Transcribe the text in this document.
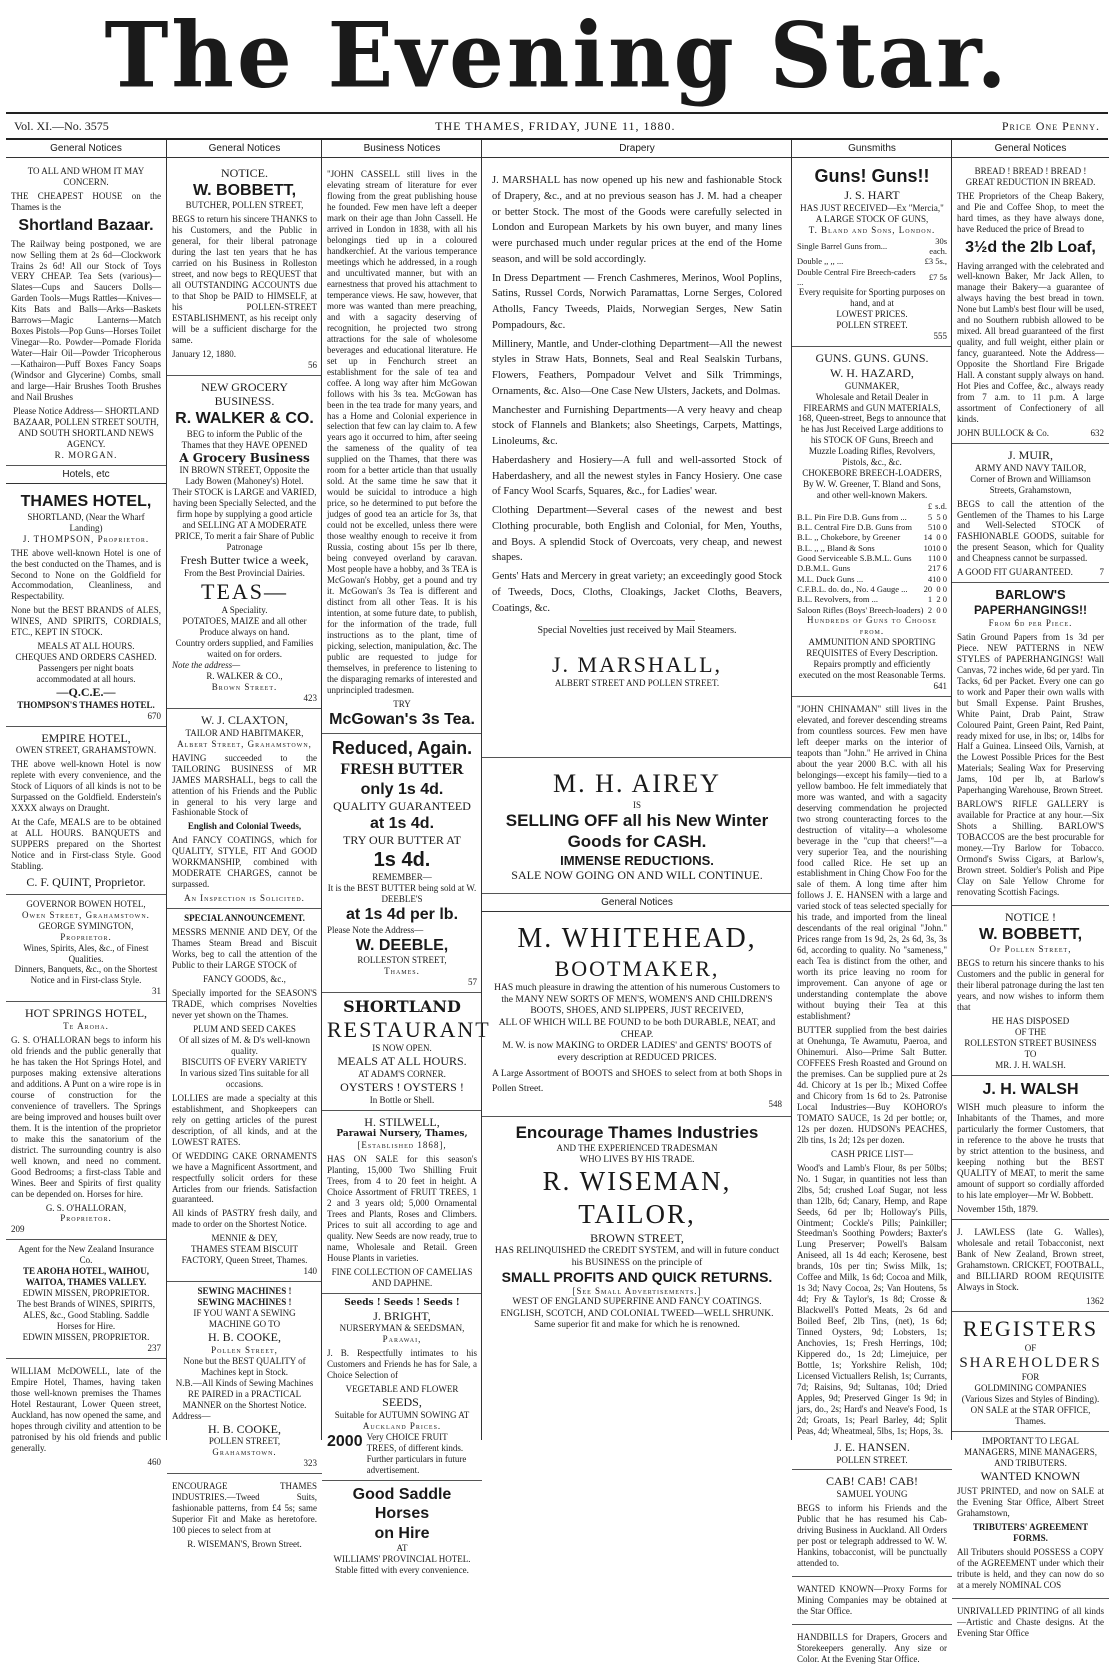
The Evening Star.
Vol. XI.—No. 3575	THE THAMES, FRIDAY, JUNE 11, 1880.	Price One Penny.
General Notices
TO ALL AND WHOM IT MAY CONCERN.
THE CHEAPEST HOUSE on the Thames is the
Shortland Bazaar.
The Railway being postponed, we are now Selling them at 2s 6d—Clockwork Trains 2s 6d! All our Stock of Toys VERY CHEAP. Tea Sets (various)—Slates—Cups and Saucers Dolls—Garden Tools—Mugs Rattles—Knives—Kits Bats and Balls—Arks—Baskets Barrows—Magic Lanterns—Match Boxes Pistols—Pop Guns—Horses Toilet Vinegar—Ro. Powder—Pomade Florida Water—Hair Oil—Powder Tricopherous—Kathairon—Puff Boxes Fancy Soaps (Windsor and Glycerine) Combs, small and large—Hair Brushes Tooth Brushes and Nail Brushes
Please Notice Address— SHORTLAND BAZAAR, POLLEN STREET SOUTH, AND SOUTH SHORTLAND NEWS AGENCY.
R. MORGAN.
Hotels, etc
THAMES HOTEL,
SHORTLAND, (Near the Wharf Landing)
J. THOMPSON, Proprietor.
THE above well-known Hotel is one of the best conducted on the Thames, and is Second to None on the Goldfield for Accommodation, Cleanliness, and Respectability.
None but the BEST BRANDS of ALES, WINES, AND SPIRITS, CORDIALS, ETC., KEPT IN STOCK.
MEALS AT ALL HOURS.
CHEQUES AND ORDERS CASHED.
Passengers per night boats accommodated at all hours.
—Q.C.E.—
THOMPSON'S THAMES HOTEL.
670
EMPIRE HOTEL,
OWEN STREET, GRAHAMSTOWN.
THE above well-known Hotel is now replete with every convenience, and the Stock of Liquors of all kinds is not to be Surpassed on the Goldfield. Enderstein's XXXX always on Draught.
At the Cafe, MEALS are to be obtained at ALL HOURS. BANQUETS and SUPPERS prepared on the Shortest Notice and in First-class Style. Good Stabling.
C. F. QUINT, Proprietor.
GOVERNOR BOWEN HOTEL,
Owen Street, Grahamstown.
GEORGE SYMINGTON,
Proprietor.
Wines, Spirits, Ales, &c., of Finest Qualities.
Dinners, Banquets, &c., on the Shortest Notice and in First-class Style.
31
HOT SPRINGS HOTEL,
Te Aroha.
G. S. O'HALLORAN begs to inform his old friends and the public generally that he has taken the Hot Springs Hotel, and purposes making extensive alterations and additions. A Punt on a wire rope is in course of construction for the convenience of travellers. The Springs are being improved and houses built over them. It is the intention of the proprietor to make this the sanatorium of the district. The surrounding country is also well known, and need no comment. Good Bedrooms; a first-class Table and Wines. Beer and Spirits of first quality can be depended on. Horses for hire.
G. S. O'HALLORAN,
Proprietor.
209
Agent for the New Zealand Insurance Co.
TE AROHA HOTEL, WAIHOU, WAITOA, THAMES VALLEY.
EDWIN MISSEN, PROPRIETOR.
The best Brands of WINES, SPIRITS, ALES, &c., Good Stabling. Saddle Horses for Hire.
EDWIN MISSEN, PROPRIETOR.
237
WILLIAM McDOWELL, late of the Empire Hotel, Thames, having taken those well-known premises the Thames Hotel Restaurant, Lower Queen street, Auckland, has now opened the same, and hopes through civility and attention to be patronised by his old friends and public generally.
460
General Notices
NOTICE.
W. BOBBETT,
BUTCHER, POLLEN STREET,
BEGS to return his sincere THANKS to his Customers, and the Public in general, for their liberal patronage during the last ten years that he has carried on his Business in Rolleston street, and now begs to REQUEST that all OUTSTANDING ACCOUNTS due to that Shop be PAID to HIMSELF, at his POLLEN-STREET ESTABLISHMENT, as his receipt only will be a sufficient discharge for the same.
January 12, 1880.
56
NEW GROCERY BUSINESS.
R. WALKER & CO.
BEG to inform the Public of the Thames that they HAVE OPENED
A Grocery Business
IN BROWN STREET, Opposite the Lady Bowen (Mahoney's) Hotel.
Their STOCK is LARGE and VARIED, having been Specially Selected, and the firm hope by supplying a good article and SELLING AT A MODERATE PRICE, To merit a fair Share of Public Patronage
Fresh Butter twice a week,
From the Best Provincial Dairies.
TEAS—
A Speciality.
POTATOES, MAIZE and all other Produce always on hand.
Country orders supplied, and Families waited on for orders.
Note the address—
R. WALKER & CO.,
Brown Street.
423
W. J. CLAXTON,
TAILOR AND HABITMAKER,
Albert Street, Grahamstown,
HAVING succeeded to the TAILORING BUSINESS of MR JAMES MARSHALL, begs to call the attention of his Friends and the Public in general to his very large and Fashionable Stock of
English and Colonial Tweeds,
And FANCY COATINGS, which for QUALITY, STYLE, FIT And GOOD WORKMANSHIP, combined with MODERATE CHARGES, cannot be surpassed.
An Inspection is Solicited.
SPECIAL ANNOUNCEMENT.
MESSRS MENNIE AND DEY, Of the Thames Steam Bread and Biscuit Works, beg to call the attention of the Public to their LARGE STOCK of
FANCY GOODS, &c.,
Specially imported for the SEASON'S TRADE, which comprises Novelties never yet shown on the Thames.
PLUM AND SEED CAKES
Of all sizes of M. & D's well-known quality.
BISCUITS OF EVERY VARIETY
In various sized Tins suitable for all occasions.
LOLLIES are made a specialty at this establishment, and Shopkeepers can rely on getting articles of the purest description, of all kinds, and at the LOWEST RATES.
Of WEDDING CAKE ORNAMENTS we have a Magnificent Assortment, and respectfully solicit orders for these Articles from our friends. Satisfaction guaranteed.
All kinds of PASTRY fresh daily, and made to order on the Shortest Notice.
MENNIE & DEY,
THAMES STEAM BISCUIT FACTORY, Queen Street, Thames.
140
SEWING MACHINES !
SEWING MACHINES !
IF YOU WANT A SEWING MACHINE GO TO
H. B. COOKE,
Pollen Street,
None but the BEST QUALITY of Machines kept in Stock.
N.B.—All Kinds of Sewing Machines RE PAIRED in a PRACTICAL MANNER on the Shortest Notice.
Address—
H. B. COOKE,
POLLEN STREET,
Grahamstown.
323
ENCOURAGE THAMES INDUSTRIES.—Tweed Suits, fashionable patterns, from £4 5s; same Superior Fit and Make as heretofore. 100 pieces to select from at
R. WISEMAN'S, Brown Street.
Business Notices
"JOHN CASSELL still lives in the elevating stream of literature for ever flowing from the great publishing house he founded. Few men have left a deeper mark on their age than John Cassell. He arrived in London in 1838, with all his belongings tied up in a coloured handkerchief. At the various temperance meetings which he addressed, in a rough and uncultivated manner, but with an earnestness that proved his attachment to temperance views. He saw, however, that more was wanted than mere preaching, and with a sagacity deserving of recognition, he projected two strong attractions for the sale of wholesome beverages and educational literature. He set up in Fenchurch street an establishment for the sale of tea and coffee. A long way after him McGowan follows with his 3s tea. McGowan has been in the tea trade for many years, and has a Home and Colonial experience in selection that few can lay claim to. A few years ago it occurred to him, after seeing the sameness of the quality of tea supplied on the Thames, that there was room for a better article than that usually sold. At the same time he saw that it would be suicidal to introduce a high price, so he determined to put before the judges of good tea an article for 3s, that could not be excelled, unless there were those wealthy enough to receive it from Russia, costing about 15s per lb there, being conveyed overland by caravan. Most people have a hobby, and 3s TEA is McGowan's Hobby, get a pound and try it. McGowan's 3s Tea is different and distinct from all other Teas. It is his intention, at some future date, to publish, for the information of the trade, full instructions as to the plant, time of picking, selection, manipulation, &c. The public are requested to judge for themselves, in preference to listening to the disparaging remarks of interested and unprincipled tradesmen.
TRY
McGowan's 3s Tea.
Reduced, Again.
FRESH BUTTER
only 1s 4d.
QUALITY GUARANTEED
at 1s 4d.
TRY OUR BUTTER AT
1s 4d.
REMEMBER—
It is the BEST BUTTER being sold at W. DEEBLE'S
at 1s 4d per lb.
Please Note the Address—
W. DEEBLE,
ROLLESTON STREET,
Thames.
57
SHORTLAND
RESTAURANT
IS NOW OPEN.
MEALS AT ALL HOURS.
AT ADAM'S CORNER.
OYSTERS ! OYSTERS !
In Bottle or Shell.
H. STILWELL,
Parawai Nursery, Thames,
[Established 1868],
HAS ON SALE for this season's Planting, 15,000 Two Shilling Fruit Trees, from 4 to 20 feet in height. A Choice Assortment of FRUIT TREES, 1 2 and 3 years old; 5,000 Ornamental Trees and Plants, Roses and Climbers. Prices to suit all according to age and quality. New Seeds are now ready, true to name, Wholesale and Retail. Green House Plants in varieties.
FINE COLLECTION OF CAMELIAS AND DAPHNE.
Seeds ! Seeds ! Seeds !
J. BRIGHT,
NURSERYMAN & SEEDSMAN,
Parawai,
J. B. Respectfully intimates to his Customers and Friends he has for Sale, a Choice Selection of
VEGETABLE AND FLOWER
SEEDS,
Suitable for AUTUMN SOWING AT
Auckland Prices.
2000 Very CHOICE FRUIT TREES, of different kinds. Further particulars in future advertisement.
Good Saddle Horses
on Hire
AT
WILLIAMS' PROVINCIAL HOTEL.
Stable fitted with every convenience.
Drapery
J. MARSHALL has now opened up his new and fashionable Stock of Drapery, &c., and at no previous season has J. M. had a cheaper or better Stock. The most of the Goods were carefully selected in London and European Markets by his own buyer, and many lines were purchased much under regular prices at the end of the Home season, and will be sold accordingly.
In Dress Department — French Cashmeres, Merinos, Wool Poplins, Satins, Russel Cords, Norwich Paramattas, Lorne Serges, Colored Atholls, Fancy Tweeds, Plaids, Norwegian Serges, New Satin Pompadours, &c.
Millinery, Mantle, and Under-clothing Department—All the newest styles in Straw Hats, Bonnets, Seal and Real Sealskin Turbans, Flowers, Feathers, Pompadour Velvet and Silk Trimmings, Ornaments, &c. Also—One Case New Ulsters, Jackets, and Dolmas.
Manchester and Furnishing Departments—A very heavy and cheap stock of Flannels and Blankets; also Sheetings, Carpets, Mattings, Linoleums, &c.
Haberdashery and Hosiery—A full and well-assorted Stock of Haberdashery, and all the newest styles in Fancy Hosiery. One case of Fancy Wool Scarfs, Squares, &c., for Ladies' wear.
Clothing Department—Several cases of the newest and best Clothing procurable, both English and Colonial, for Men, Youths, and Boys. A splendid Stock of Overcoats, very cheap, and newest shapes.
Gents' Hats and Mercery in great variety; an exceedingly good Stock of Tweeds, Docs, Cloths, Cloakings, Jacket Cloths, Beavers, Coatings, &c.
Special Novelties just received by Mail Steamers.
J. MARSHALL,
ALBERT STREET AND POLLEN STREET.
M. H. AIREY
IS
SELLING OFF all his New Winter Goods for CASH.
IMMENSE REDUCTIONS.
SALE NOW GOING ON AND WILL CONTINUE.
General Notices
M. WHITEHEAD,
BOOTMAKER,
HAS much pleasure in drawing the attention of his numerous Customers to the MANY NEW SORTS OF MEN'S, WOMEN'S AND CHILDREN'S BOOTS, SHOES, AND SLIPPERS, JUST RECEIVED,
ALL OF WHICH WILL BE FOUND to be both DURABLE, NEAT, and CHEAP.
M. W. is now MAKING to ORDER LADIES' and GENTS' BOOTS of every description at REDUCED PRICES.
A Large Assortment of BOOTS and SHOES to select from at both Shops in Pollen Street.
548
Encourage Thames Industries
AND THE EXPERIENCED TRADESMAN
WHO LIVES BY HIS TRADE.
R. WISEMAN, TAILOR,
BROWN STREET,
HAS RELINQUISHED the CREDIT SYSTEM, and will in future conduct his BUSINESS on the principle of
SMALL PROFITS AND QUICK RETURNS.
[See Small Advertisements.]
WEST OF ENGLAND SUPERFINE AND FANCY COATINGS.
ENGLISH, SCOTCH, AND COLONIAL TWEED—WELL SHRUNK.
Same superior fit and make for which he is renowned.
Gunsmiths
Guns! Guns!!
J. S. HART
HAS JUST RECEIVED—Ex "Mercia,"
A LARGE STOCK OF GUNS,
T. Bland and Sons, London.
Single Barrel Guns from...	30s each.
Double ,, ,, ...	£3 5s.,
Double Central Fire Breech-caders ...	£7 5s
Every requisite for Sporting purposes on hand, and at
LOWEST PRICES.
POLLEN STREET.
555
GUNS. GUNS. GUNS.
W. H. HAZARD,
GUNMAKER,
Wholesale and Retail Dealer in FIREARMS and GUN MATERIALS, 168, Queen-street, Begs to announce that he has Just Received Large additions to his STOCK OF Guns, Breech and Muzzle Loading Rifles, Revolvers, Pistols, &c., &c.
CHOKEBORE BREECH-LOADERS,
By W. W. Greener, T. Bland and Sons, and other well-known Makers.
	£	s.	d.
B.L. Pin Fire D.B. Guns from ...	5	5	0
B.L. Central Fire D.B. Guns from	5	10	0
B.L. ,, Chokebore, by Greener	14	0	0
B.L. ,, ,, Bland & Sons	10	10	0
Good Serviceable S.B.M.L. Guns	1	10	0
D.B.M.L. Guns	2	17	6
M.L. Duck Guns ...	4	10	0
C.F.B.L. do. do., No. 4 Gauge ...	20	0	0
B.L. Revolvers, from ...	1	2	0
Saloon Rifles (Boys' Breech-loaders)	2	0	0
Hundreds of Guns to Choose from.
AMMUNITION AND SPORTING REQUISITES of Every Description.
Repairs promptly and efficiently executed on the most Reasonable Terms.
641
"JOHN CHINAMAN" still lives in the elevated, and forever descending streams from countless sources. Few men have left deeper marks on the interior of teapots than "John." He arrived in China about the year 2000 B.C. with all his belongings—except his family—tied to a yellow bamboo. He felt immediately that more was wanted, and with a sagacity deserving commendation he projected two strong counteracting forces to the destruction of vitality—a wholesome beverage in the "cup that cheers!"—a very superior Tea, and the nourishing food called Rice. He set up an establishment in Ching Chow Foo for the sale of them. A long time after him follows J. E. HANSEN with a large and varied stock of teas selected specially for his trade, and imported from the lineal descendants of the real original "John." Prices range from 1s 9d, 2s, 2s 6d, 3s, 3s 6d, according to quality. No "sameness," each Tea is distinct from the other, and worth its price leaving no room for improvement. Can anyone of age or understanding contemplate the above without buying their Tea at this establishment?
BUTTER supplied from the best dairies at Onehunga, Te Awamutu, Paeroa, and Ohinemuri. Also—Prime Salt Butter. COFFEES Fresh Roasted and Ground on the premises. Can be supplied pure at 2s 4d. Chicory at 1s per lb.; Mixed Coffee and Chicory from 1s 6d to 2s. Patronise Local Industries—Buy KOHORO's TOMATO SAUCE, 1s 2d per bottle; or, 12s per dozen. HUDSON's PEACHES, 2lb tins, 1s 2d; 12s per dozen.
CASH PRICE LIST—
Wood's and Lamb's Flour, 8s per 50lbs; No. 1 Sugar, in quantities not less than 2lbs, 5d; crushed Loaf Sugar, not less than 12lb, 6d; Canary, Hemp, and Rape Seeds, 6d per lb; Holloway's Pills, Ointment; Cockle's Pills; Painkiller; Steedman's Soothing Powders; Baxter's Lung Preserver; Powell's Balsam Aniseed, all 1s 4d each; Kerosene, best brands, 10s per tin; Swiss Milk, 1s; Coffee and Milk, 1s 6d; Cocoa and Milk, 1s 3d; Navy Cocoa, 2s; Van Houtens, 5s 4d; Fry & Taylor's, 1s 8d; Crosse & Blackwell's Potted Meats, 2s 6d and Boiled Beef, 2lb Tins, (net), 1s 6d; Tinned Oysters, 9d; Lobsters, 1s; Anchovies, 1s; Fresh Herrings, 10d; Kippered do., 1s 2d; Limejuice, per Bottle, 1s; Yorkshire Relish, 10d; Licensed Victuallers Relish, 1s; Currants, 7d; Raisins, 9d; Sultanas, 10d; Dried Apples, 9d; Preserved Ginger 1s 9d; in jars, do., 2s; Hard's and Neave's Food, 1s 2d; Groats, 1s; Pearl Barley, 4d; Split Peas, 4d; Wheatmeal, 5lbs, 1s; Hops, 3s.
J. E. HANSEN.
POLLEN STREET.
CAB! CAB! CAB!
SAMUEL YOUNG
BEGS to inform his Friends and the Public that he has resumed his Cab-driving Business in Auckland. All Orders per post or telegraph addressed to W. W. Hankins, tobacconist, will be punctually attended to.
WANTED KNOWN—Proxy Forms for Mining Companies may be obtained at the Star Office.
HANDBILLS for Drapers, Grocers and Storekeepers generally. Any size or Color. At the Evening Star Office.
General Notices
BREAD ! BREAD ! BREAD !
GREAT REDUCTION IN BREAD.
THE Proprietors of the Cheap Bakery, and Pie and Coffee Shop, to meet the hard times, as they have always done, have Reduced the price of Bread to
3½d the 2lb Loaf,
Having arranged with the celebrated and well-known Baker, Mr Jack Allen, to manage their Bakery—a guarantee of always having the best bread in town. None but Lamb's best flour will be used, and no Southern rubbish allowed to be mixed. All bread guaranteed of the first quality, and full weight, either plain or fancy, guaranteed. Note the Address—Opposite the Shortland Fire Brigade Hall. A constant supply always on hand. Hot Pies and Coffee, &c., always ready from 7 a.m. to 11 p.m. A large assortment of Confectionery of all kinds.
JOHN BULLOCK & Co.	632
J. MUIR,
ARMY AND NAVY TAILOR,
Corner of Brown and Williamson Streets, Grahamstown,
BEGS to call the attention of the Gentlemen of the Thames to his Large and Well-Selected STOCK of FASHIONABLE GOODS, suitable for the present Season, which for Quality and Cheapness cannot be surpassed.
A GOOD FIT GUARANTEED.	7
BARLOW'S
PAPERHANGINGS!!
From 6d per Piece.
Satin Ground Papers from 1s 3d per Piece. NEW PATTERNS in NEW STYLES of PAPERHANGINGS! Wall Canvas, 72 inches wide, 6d per yard. Tin Tacks, 6d per Packet. Every one can go to work and Paper their own walls with but Small Expense. Paint Brushes, White Paint, Drab Paint, Straw Coloured Paint, Green Paint, Red Paint, ready mixed for use, in lbs; or, 14lbs for Half a Guinea. Linseed Oils, Varnish, at the Lowest Possible Prices for the Best Materials; Sealing Wax for Preserving Jams, 10d per lb, at Barlow's Paperhanging Warehouse, Brown Street.
BARLOW'S RIFLE GALLERY is available for Practice at any hour.—Six Shots a Shilling. BARLOW'S TOBACCOS are the best procurable for money.—Try Barlow for Tobacco. Ormond's Swiss Cigars, at Barlow's, Brown street. Soldier's Polish and Pipe Clay on Sale Yellow Chrome for renovating Scottish Facings.
NOTICE !
W. BOBBETT,
Of Pollen Street,
BEGS to return his sincere thanks to his Customers and the public in general for their liberal patronage during the last ten years, and now wishes to inform them that
HE HAS DISPOSED
OF THE
ROLLESTON STREET BUSINESS
TO
MR. J. H. WALSH.
J. H. WALSH
WISH much pleasure to inform the Inhabitants of the Thames, and more particularly the former Customers, that in reference to the above he trusts that by strict attention to the business, and keeping nothing but the BEST QUALITY of MEAT, to merit the same amount of support so cordially afforded to his late employer—Mr W. Bobbett.
November 15th, 1879.
J. LAWLESS (late G. Walles), wholesale and retail Tobacconist, next Bank of New Zealand, Brown street, Grahamstown. CRICKET, FOOTBALL, and BILLIARD ROOM REQUISITE Always in Stock.
1362
REGISTERS
OF
SHAREHOLDERS
FOR
GOLDMINING COMPANIES
(Various Sizes and Styles of Binding).
ON SALE at the STAR OFFICE, Thames.
IMPORTANT TO LEGAL MANAGERS, MINE MANAGERS, AND TRIBUTERS.
WANTED KNOWN
JUST PRINTED, and now on SALE at the Evening Star Office, Albert Street Grahamstown,
TRIBUTERS' AGREEMENT FORMS.
All Tributers should POSSESS a COPY of the AGREEMENT under which their tribute is held, and they can now do so at a merely NOMINAL COS
UNRIVALLED PRINTING of all kinds —Artistic and Chaste designs. At the Evening Star Office
